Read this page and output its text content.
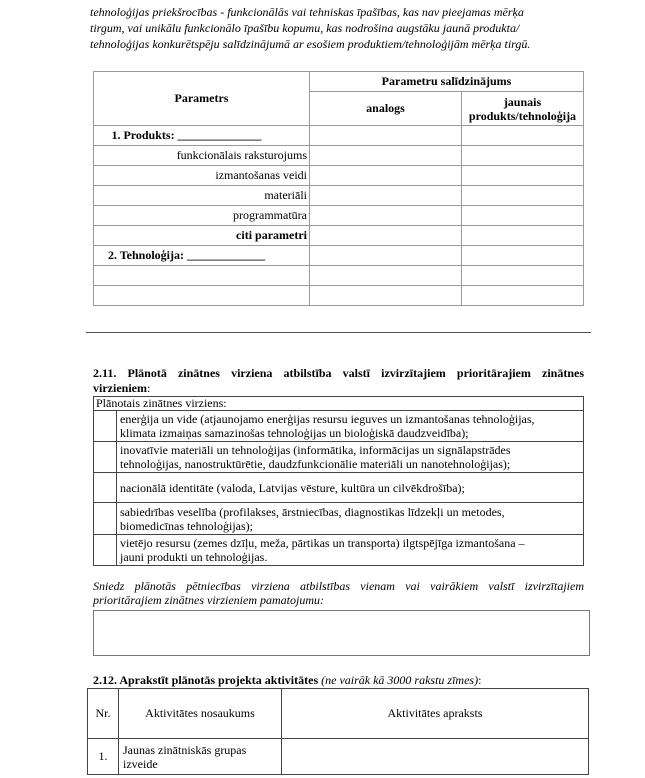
tehnoloģijas priekšrocības - funkcionālās vai tehniskas īpašības, kas nav pieejamas mērķa
tirgum, vai unikālu funkcionālo īpašību kopumu, kas nodrošina augstāku jaunā produkta/
tehnoloģijas konkurētspēju salīdzinājumā ar esošiem produktiem/tehnoloģijām mērķa tirgū.
Parametrs	Parametru salīdzinājums	
	analogs	jaunais
produkts/tehnoloģija

1. Produkts: ______________		
funkcionālais raksturojums		
izmantošanas veidi		
materiāli		
programmatūra		
citi parametri		
2. Tehnoloģija: _____________		

2.11. Plānotā zinātnes virziena atbilstība valstī izvirzītajiem prioritārajiem zinātnes
virzieniem:
Plānotais zinātnes virziens:	

	enerģija un vide (atjaunojamo enerģijas resursu ieguves un izmantošanas tehnoloģijas,
klimata izmaiņas samazinošas tehnoloģijas un bioloģiskā daudzveidība);

	inovatīvie materiāli un tehnoloģijas (informātika, informācijas un signālapstrādes
tehnoloģijas, nanostruktūrētie, daudzfunkcionālie materiāli un nanotehnoloģijas);

	nacionālā identitāte (valoda, Latvijas vēsture, kultūra un cilvēkdrošība);

	sabiedrības veselība (profilakses, ārstniecības, diagnostikas līdzekļi un metodes,
biomedicīnas tehnoloģijas);

	vietējo resursu (zemes dzīļu, meža, pārtikas un transporta) ilgtspējīga izmantošana –
jauni produkti un tehnoloģijas.
Sniedz plānotās pētniecības virziena atbilstības vienam vai vairākiem valstī izvirzītajiem
prioritārajiem zinātnes virzieniem pamatojumu:
2.12. Aprakstīt plānotās projekta aktivitātes (ne vairāk kā 3000 rakstu zīmes):
Nr.	Aktivitātes nosaukums	Aktivitātes apraksts
1.	Jaunas zinātniskās grupas
izveide	
